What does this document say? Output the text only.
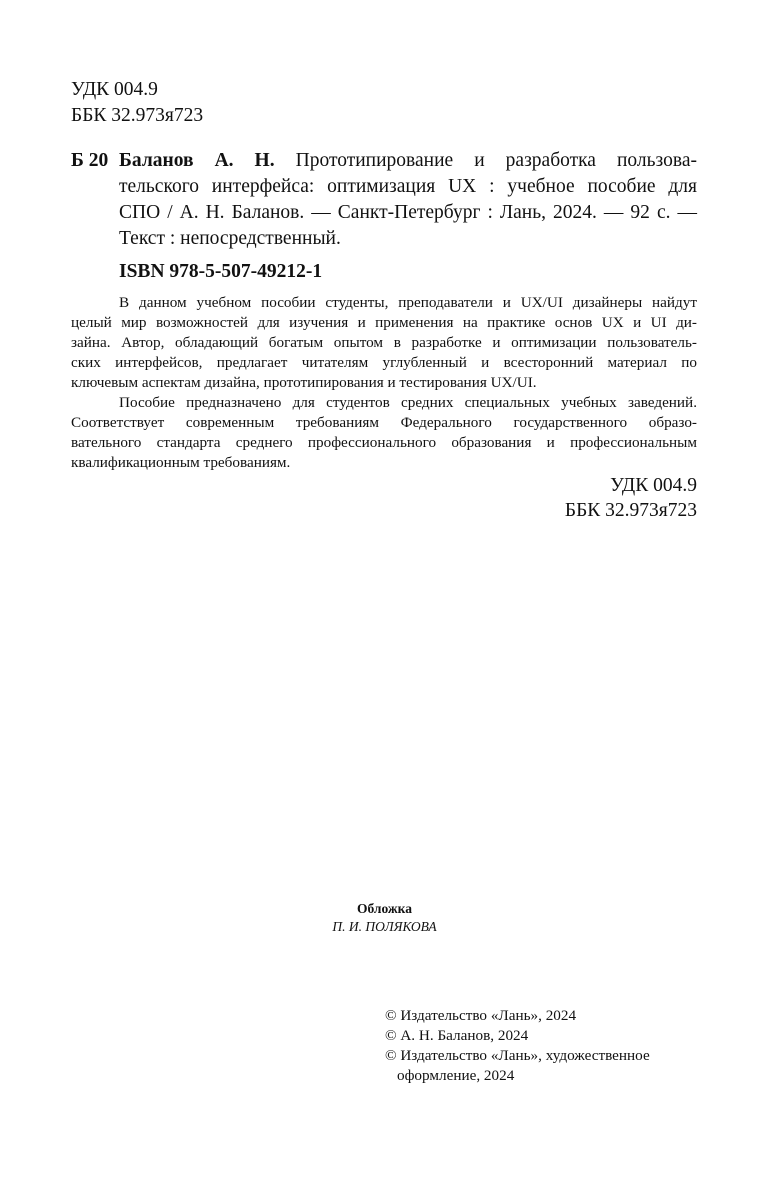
УДК 004.9
ББК 32.973я723
Б 20 Баланов А. Н. Прототипирование и разработка пользова-
тельского интерфейса: оптимизация UX : учебное пособие для
СПО / А. Н. Баланов. — Санкт-Петербург : Лань, 2024. — 92 с. —
Текст : непосредственный.
ISBN 978-5-507-49212-1
В данном учебном пособии студенты, преподаватели и UX/UI дизайнеры найдут
целый мир возможностей для изучения и применения на практике основ UX и UI ди-
зайна. Автор, обладающий богатым опытом в разработке и оптимизации пользователь-
ских интерфейсов, предлагает читателям углубленный и всесторонний материал по
ключевым аспектам дизайна, прототипирования и тестирования UX/UI.
Пособие предназначено для студентов средних специальных учебных заведений.
Соответствует современным требованиям Федерального государственного образо-
вательного стандарта среднего профессионального образования и профессиональным
квалификационным требованиям.
УДК 004.9
ББК 32.973я723
Обложка
П. И. ПОЛЯКОВА
© Издательство «Лань», 2024
© А. Н. Баланов, 2024
© Издательство «Лань», художественное
оформление, 2024
